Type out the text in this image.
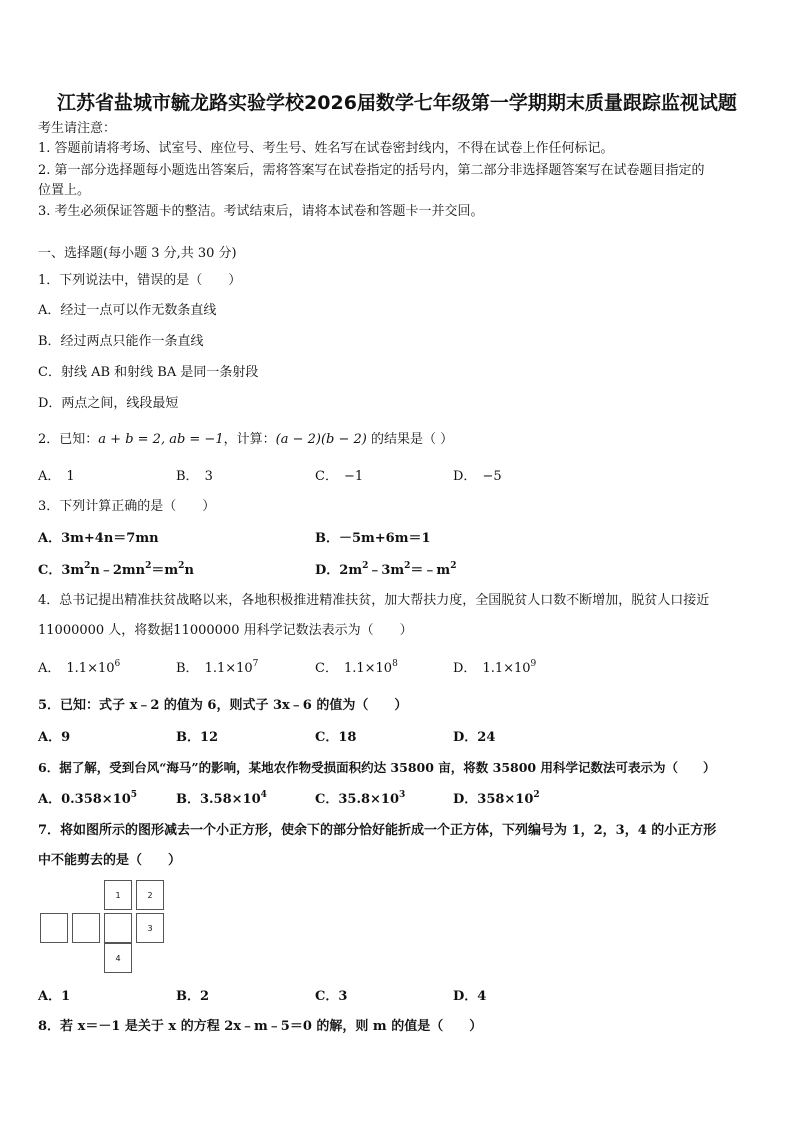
江苏省盐城市毓龙路实验学校2026届数学七年级第一学期期末质量跟踪监视试题
考生请注意：
1. 答题前请将考场、试室号、座位号、考生号、姓名写在试卷密封线内，不得在试卷上作任何标记。
2. 第一部分选择题每小题选出答案后，需将答案写在试卷指定的括号内，第二部分非选择题答案写在试卷题目指定的
位置上。
3. 考生必须保证答题卡的整洁。考试结束后，请将本试卷和答题卡一并交回。
一、选择题(每小题 3 分,共 30 分)
1．下列说法中，错误的是（　　）
A．经过一点可以作无数条直线
B．经过两点只能作一条直线
C．射线 AB 和射线 BA 是同一条射段
D．两点之间，线段最短
2．已知：a + b = 2, ab = −1，计算：(a − 2)(b − 2) 的结果是（ ）
A． 1	B． 3	C． −1	D． −5
3．下列计算正确的是（　　）
A．3m+4n＝7mn	B．－5m+6m＝1
C．$3m^2n﹣2mn^2=m^2n$	D．$2m^2﹣3m^2=﹣m^2$
4．总书记提出精准扶贫战略以来，各地积极推进精准扶贫，加大帮扶力度，全国脱贫人口数不断增加，脱贫人口接近
11000000 人，将数据11000000 用科学记数法表示为（　　）
A． $1.1\times 10^6$	B． $1.1\times 10^7$	C． $1.1\times 10^8$	D． $1.1\times 10^9$
5．已知：式子 x﹣2 的值为 6，则式子 3x﹣6 的值为（　　）
A．9	B．12	C．18	D．24
6．据了解，受到台风“海马”的影响，某地农作物受损面积约达 35800 亩，将数 35800 用科学记数法可表示为（　　）
A．$0.358\times 10^5$	B．$3.58\times 10^4$	C．$35.8\times 10^3$	D．$358\times 10^2$
7．将如图所示的图形减去一个小正方形，使余下的部分恰好能折成一个正方体，下列编号为 1，2，3，4 的小正方形
中不能剪去的是（　　）
1	2
3
4
A．1	B．2	C．3	D．4
8．若 x＝－1 是关于 x 的方程 2x﹣m﹣5＝0 的解，则 m 的值是（　　）
